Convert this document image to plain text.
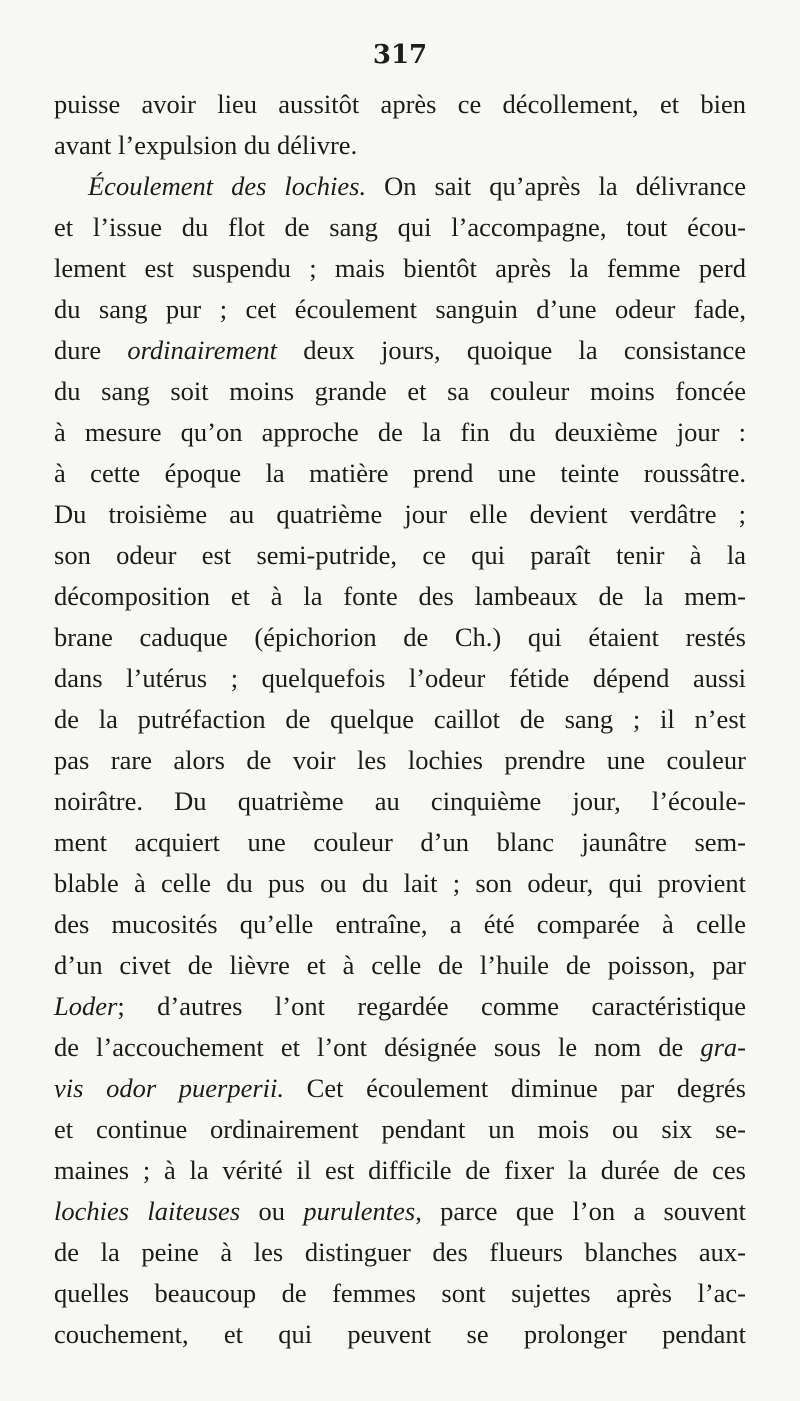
317
puisse avoir lieu aussitôt après ce décollement, et bien
avant l’expulsion du délivre.
Écoulement des lochies. On sait qu’après la délivrance
et l’issue du flot de sang qui l’accompagne, tout écou-
lement est suspendu ; mais bientôt après la femme perd
du sang pur ; cet écoulement sanguin d’une odeur fade,
dure ordinairement deux jours, quoique la consistance
du sang soit moins grande et sa couleur moins foncée
à mesure qu’on approche de la fin du deuxième jour :
à cette époque la matière prend une teinte roussâtre.
Du troisième au quatrième jour elle devient verdâtre ;
son odeur est semi-putride, ce qui paraît tenir à la
décomposition et à la fonte des lambeaux de la mem-
brane caduque (épichorion de Ch.) qui étaient restés
dans l’utérus ; quelquefois l’odeur fétide dépend aussi
de la putréfaction de quelque caillot de sang ; il n’est
pas rare alors de voir les lochies prendre une couleur
noirâtre. Du quatrième au cinquième jour, l’écoule-
ment acquiert une couleur d’un blanc jaunâtre sem-
blable à celle du pus ou du lait ; son odeur, qui provient
des mucosités qu’elle entraîne, a été comparée à celle
d’un civet de lièvre et à celle de l’huile de poisson, par
Loder; d’autres l’ont regardée comme caractéristique
de l’accouchement et l’ont désignée sous le nom de gra-
vis odor puerperii. Cet écoulement diminue par degrés
et continue ordinairement pendant un mois ou six se-
maines ; à la vérité il est difficile de fixer la durée de ces
lochies laiteuses ou purulentes, parce que l’on a souvent
de la peine à les distinguer des flueurs blanches aux-
quelles beaucoup de femmes sont sujettes après l’ac-
couchement, et qui peuvent se prolonger pendant
